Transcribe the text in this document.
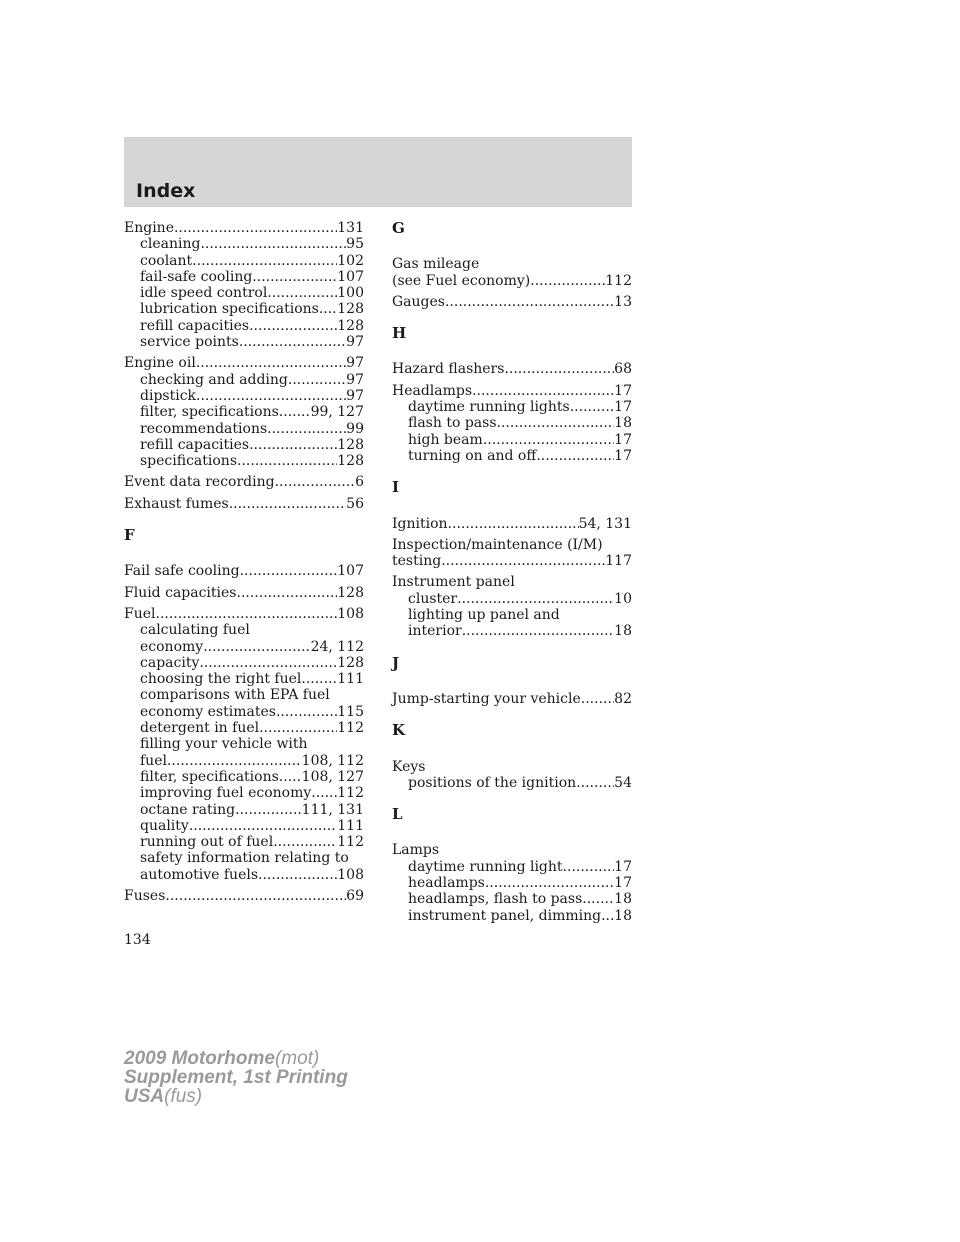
Index
Engine .....	131
cleaning .....	95
coolant .....	102
fail-safe cooling .....	107
idle speed control .....	100
lubrication specifications ..... 128
refill capacities .....	128
service points .....	97
Engine oil .....	97
checking and adding .....	97
dipstick .....	97
filter, specifications ..... 99, 127
recommendations .....	99
refill capacities .....	128
specifications .....	128
Event data recording .....	6
Exhaust fumes .....	56
F
Fail safe cooling .....	107
Fluid capacities .....	128
Fuel .....	108
calculating fuel
economy .....	24, 112
capacity .....	128
choosing the right fuel .....	111
comparisons with EPA fuel
economy estimates .....	115
detergent in fuel .....	112
filling your vehicle with
fuel .....	108, 112
filter, specifications ..... 108, 127
improving fuel economy ..... 112
octane rating .....	111, 131
quality .....	111
running out of fuel .....	112
safety information relating to
automotive fuels .....	108
Fuses .....	69
G
Gas mileage
(see Fuel economy) .....	112
Gauges .....	13
H
Hazard flashers .....	68
Headlamps .....	17
daytime running lights .....	17
flash to pass .....	18
high beam .....	17
turning on and off .....	17
I
Ignition .....	54, 131
Inspection/maintenance (I/M)
testing .....	117
Instrument panel
cluster .....	10
lighting up panel and
interior .....	18
J
Jump-starting your vehicle ..... 82
K
Keys
positions of the ignition .....	54
L
Lamps
daytime running light .....	17
headlamps .....	17
headlamps, flash to pass ..... 18
instrument panel, dimming ..... 18
134
2009 Motorhome(mot)
Supplement, 1st Printing
USA(fus)
